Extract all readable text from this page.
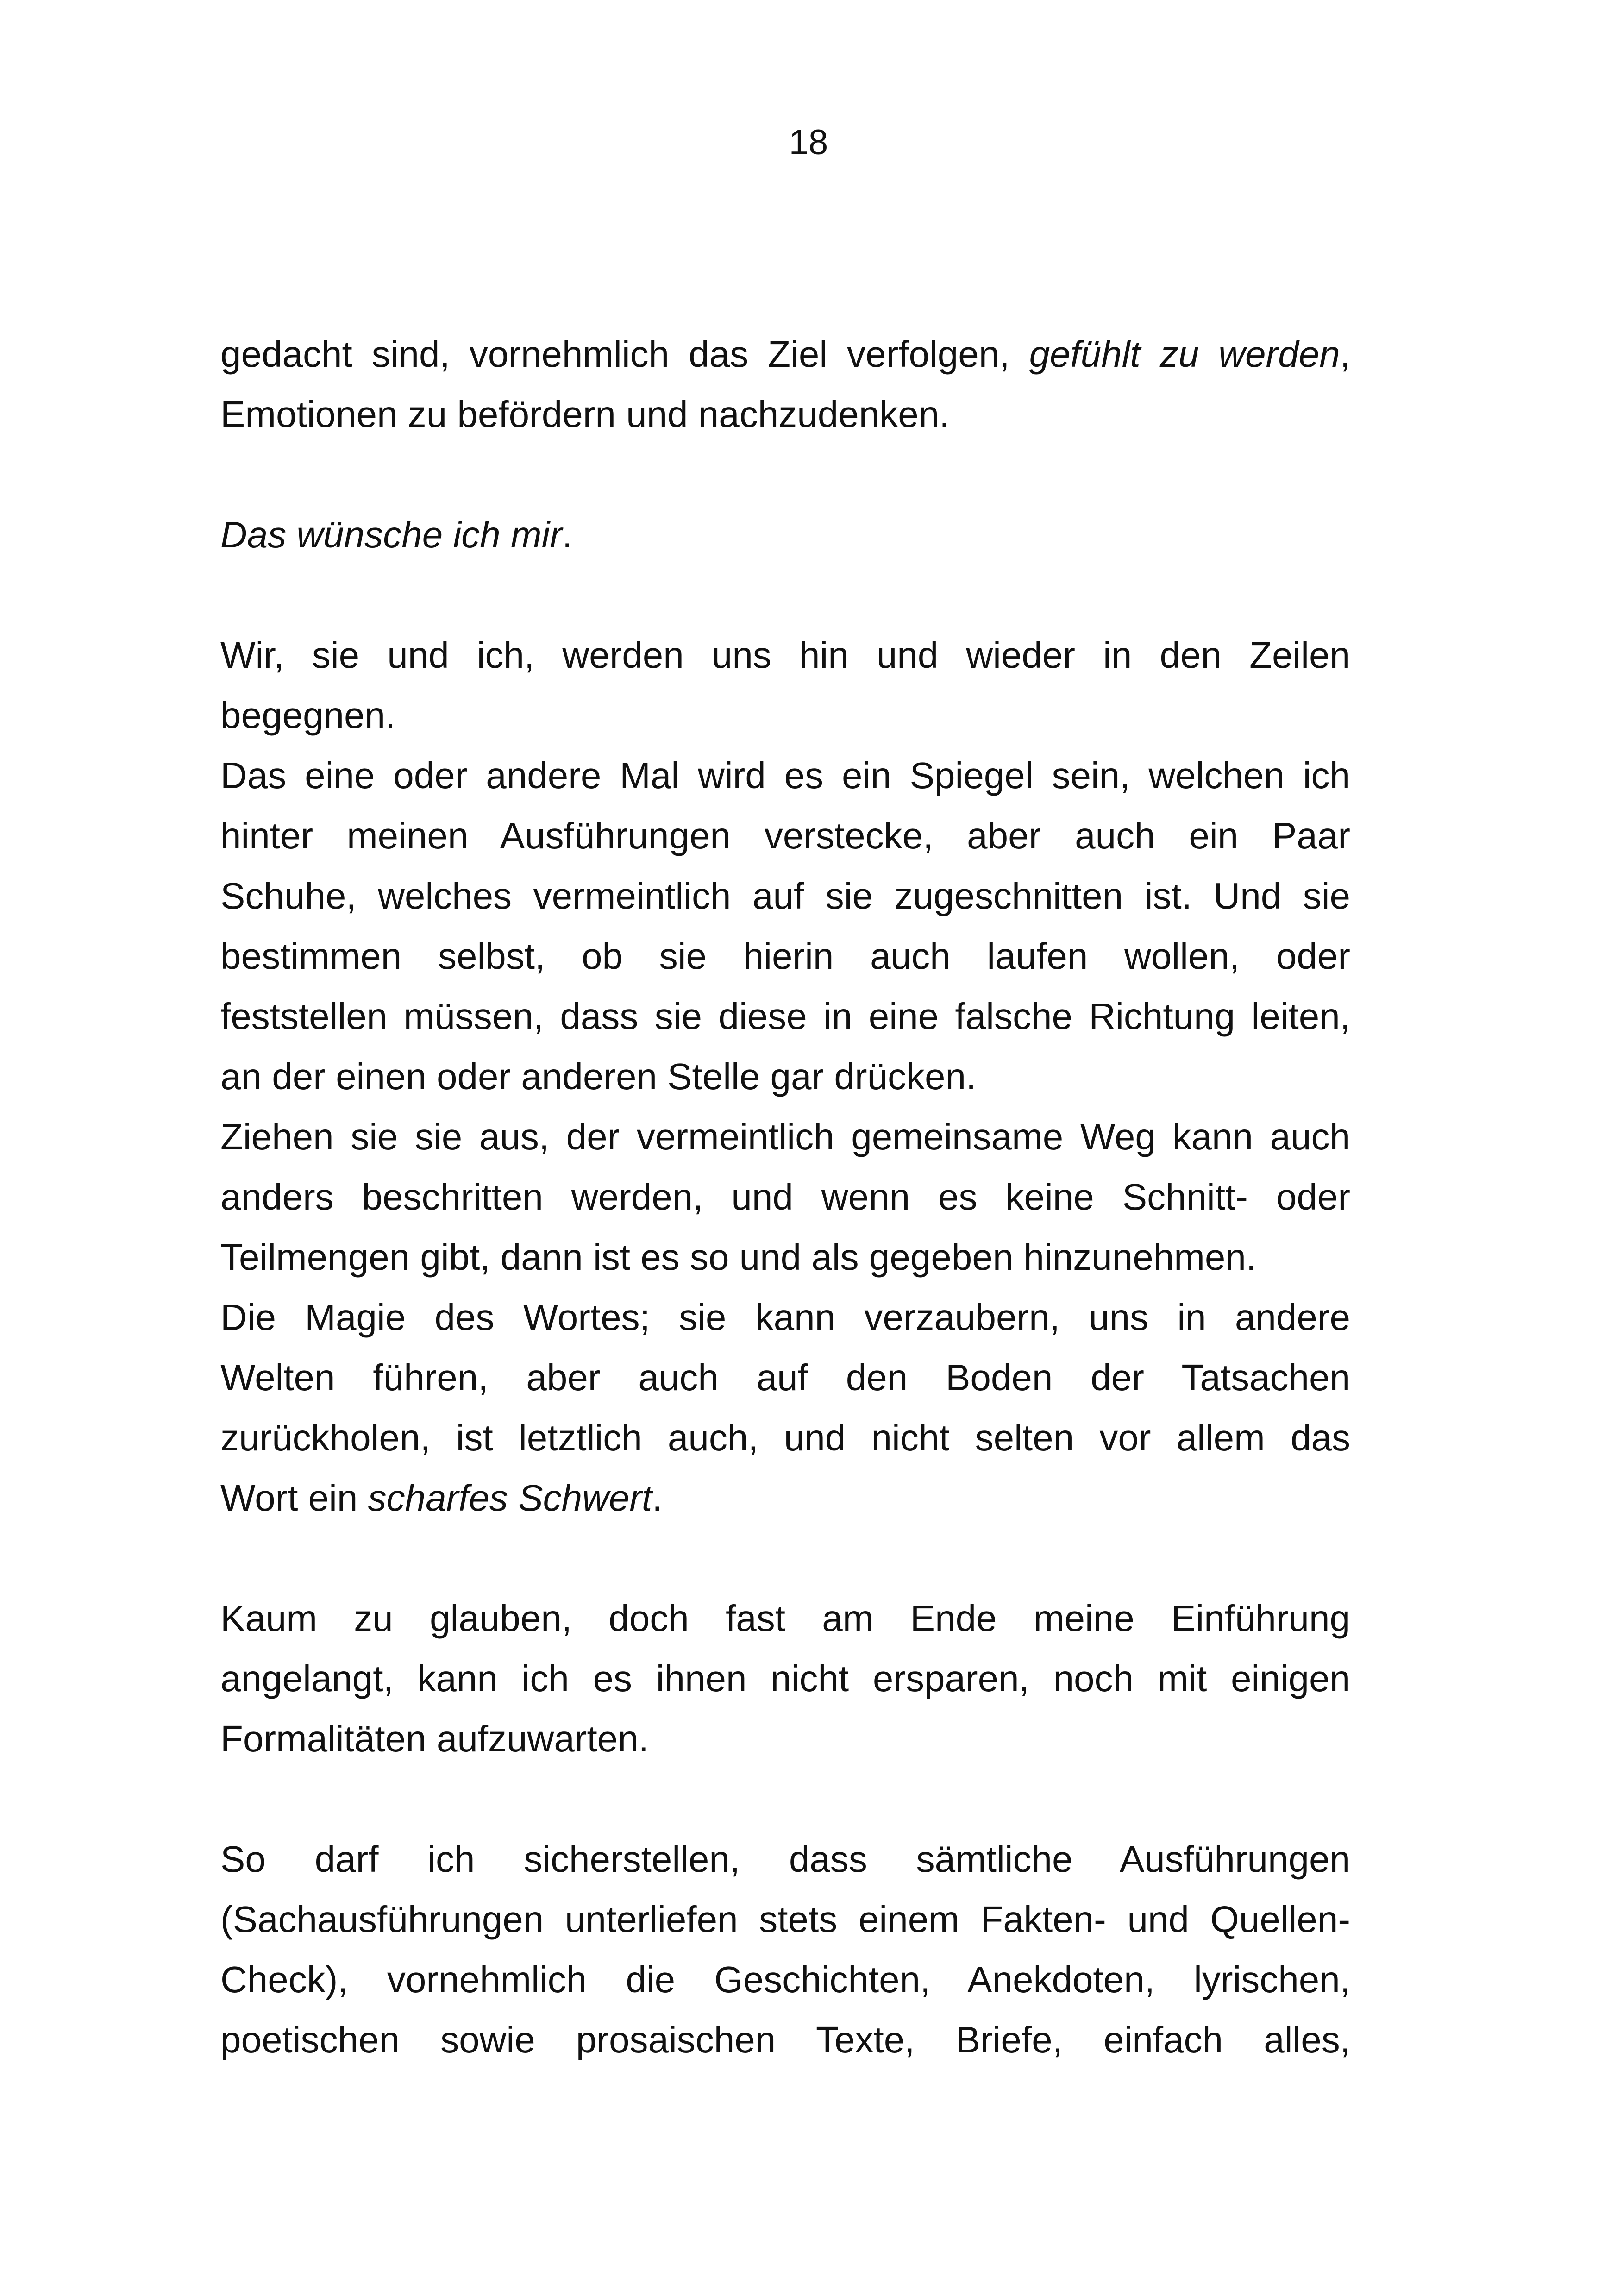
18

gedacht sind, vornehmlich das Ziel verfolgen, gefühlt zu werden,
Emotionen zu befördern und nachzudenken.

Das wünsche ich mir.

Wir, sie und ich, werden uns hin und wieder in den Zeilen
begegnen.
Das eine oder andere Mal wird es ein Spiegel sein, welchen ich
hinter meinen Ausführungen verstecke, aber auch ein Paar
Schuhe, welches vermeintlich auf sie zugeschnitten ist. Und sie
bestimmen selbst, ob sie hierin auch laufen wollen, oder
feststellen müssen, dass sie diese in eine falsche Richtung leiten,
an der einen oder anderen Stelle gar drücken.
Ziehen sie sie aus, der vermeintlich gemeinsame Weg kann auch
anders beschritten werden, und wenn es keine Schnitt- oder
Teilmengen gibt, dann ist es so und als gegeben hinzunehmen.
Die Magie des Wortes; sie kann verzaubern, uns in andere
Welten führen, aber auch auf den Boden der Tatsachen
zurückholen, ist letztlich auch, und nicht selten vor allem das
Wort ein scharfes Schwert.

Kaum zu glauben, doch fast am Ende meine Einführung
angelangt, kann ich es ihnen nicht ersparen, noch mit einigen
Formalitäten aufzuwarten.

So darf ich sicherstellen, dass sämtliche Ausführungen
(Sachausführungen unterliefen stets einem Fakten- und Quellen-
Check), vornehmlich die Geschichten, Anekdoten, lyrischen,
poetischen sowie prosaischen Texte, Briefe, einfach alles,
